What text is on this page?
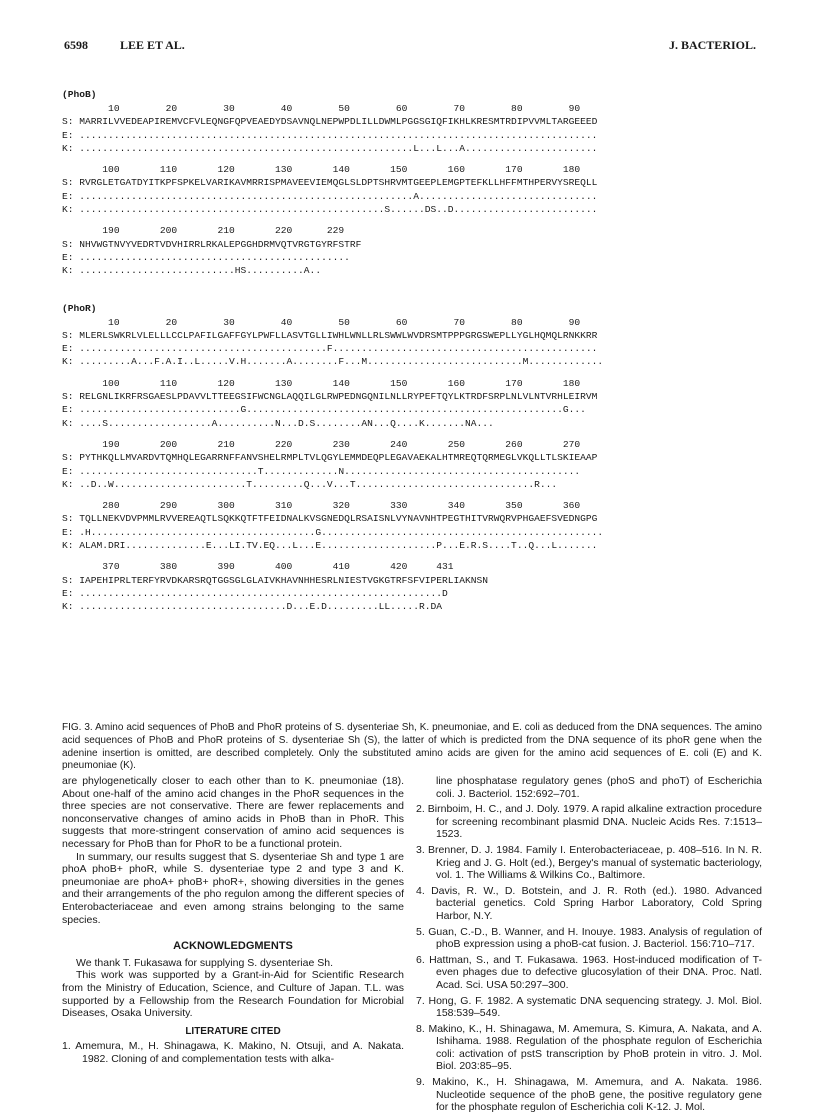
6598	LEE ET AL.	J. BACTERIOL.
(PhoB)
10        20        30        40        50        60        70        80        90
S: MARRILVVEDEAPIREMVCFVLEQNGFQPVEAEDYDSAVNQLNEPWPDLILLDWMLPGGSGIQFIKHLKRESMTRDIPVVMLTARGEEED
E: ..........................................................................................
K: ..........................................................L...L...A.......................
100       110       120       130       140       150       160       170       180
S: RVRGLETGATDYITKPFSPKELVARIKAVMRRISPMAVEEVIEMQGLSLDPTSHRVMTGEEPLEMGPTEFKLLHFFMTHPERVYSREQLL
E: ..........................................................A...............................
K: .....................................................S......DS..D.........................
190       200       210       220      229
S: NHVWGTNVYVEDRTVDVHIRRLRKALEPGGHDRMVQTVRGTGYRFSTRF
E: ...............................................
K: ...........................HS..........A..
(PhoR)
10        20        30        40        50        60        70        80        90
S: MLERLSWKRLVLELLLCCLPAFILGAFFGYLPWFLLASVTGLLIWHLWNLLRLSWWLWVDRSMTPPPGRGSWEPLLYGLHQMQLRNKKRR
E: ...........................................F..............................................
K: .........A...F.A.I..L.....V.H.......A........F...M...........................M.............
100       110       120       130       140       150       160       170       180
S: RELGNLIKRFRSGAESLPDAVVLTTEEGSIFWCNGLAQQILGLRWPEDNGQNILNLLRYPEFTQYLKTRDFSRPLNLVLNTVRHLEIRVM
E: ............................G.......................................................G...
K: ....S..................A..........N...D.S........AN...Q....K.......NA...
190       200       210       220       230       240       250       260       270
S: PYTHKQLLMVARDVTQMHQLEGARRNFFANVSHELRMPLTVLQGYLEMMDEQPLEGAVAEKALHTMREQTQRMEGLVKQLLTLSKIEAAP
E: ...............................T.............N.........................................
K: ..D..W.......................T.........Q...V...T...............................R...
280       290       300       310       320       330       340       350       360
S: TQLLNEKVDVPMMLRVVEREAQTLSQKKQTFTFEIDNALKVSGNEDQLRSAISNLVYNAVNHTPEGTHITVRWQRVPHGAEFSVEDNGPG
E: .H.......................................G.................................................
K: ALAM.DRI..............E...LI.TV.EQ...L...E....................P...E.R.S....T..Q...L.......
370       380       390       400       410       420     431
S: IAPEHIPRLTERFYRVDKARSRQTGGSGLGLAIVKHAVNHHESRLNIESTVGKGTRFSFVIPERLIAKNSN
E: ...............................................................D
K: ....................................D...E.D.........LL.....R.DA
FIG. 3. Amino acid sequences of PhoB and PhoR proteins of S. dysenteriae Sh, K. pneumoniae, and E. coli as deduced from the DNA sequences. The amino acid sequences of PhoB and PhoR proteins of S. dysenteriae Sh (S), the latter of which is predicted from the DNA sequence of its phoR gene when the adenine insertion is omitted, are described completely. Only the substituted amino acids are given for the amino acid sequences of E. coli (E) and K. pneumoniae (K).

are phylogenetically closer to each other than to K. pneumoniae (18). About one-half of the amino acid changes in the PhoR sequences in the three species are not conservative. There are fewer replacements and nonconservative changes of amino acids in PhoB than in PhoR. This suggests that more-stringent conservation of amino acid sequences is necessary for PhoB than for PhoR to be a functional protein.

In summary, our results suggest that S. dysenteriae Sh and type 1 are phoA phoB+ phoR, while S. dysenteriae type 2 and type 3 and K. pneumoniae are phoA+ phoB+ phoR+, showing diversities in the genes and their arrangements of the pho regulon among the different species of Enterobacteriaceae and even among strains belonging to the same species.

ACKNOWLEDGMENTS

We thank T. Fukasawa for supplying S. dysenteriae Sh.

This work was supported by a Grant-in-Aid for Scientific Research from the Ministry of Education, Science, and Culture of Japan. T.L. was supported by a Fellowship from the Research Foundation for Microbial Diseases, Osaka University.

LITERATURE CITED
1. Amemura, M., H. Shinagawa, K. Makino, N. Otsuji, and A. Nakata. 1982. Cloning of and complementation tests with alka-
line phosphatase regulatory genes (phoS and phoT) of Escherichia coli. J. Bacteriol. 152:692–701.
2. Birnboim, H. C., and J. Doly. 1979. A rapid alkaline extraction procedure for screening recombinant plasmid DNA. Nucleic Acids Res. 7:1513–1523.
3. Brenner, D. J. 1984. Family I. Enterobacteriaceae, p. 408–516. In N. R. Krieg and J. G. Holt (ed.), Bergey's manual of systematic bacteriology, vol. 1. The Williams & Wilkins Co., Baltimore.
4. Davis, R. W., D. Botstein, and J. R. Roth (ed.). 1980. Advanced bacterial genetics. Cold Spring Harbor Laboratory, Cold Spring Harbor, N.Y.
5. Guan, C.-D., B. Wanner, and H. Inouye. 1983. Analysis of regulation of phoB expression using a phoB-cat fusion. J. Bacteriol. 156:710–717.
6. Hattman, S., and T. Fukasawa. 1963. Host-induced modification of T-even phages due to defective glucosylation of their DNA. Proc. Natl. Acad. Sci. USA 50:297–300.
7. Hong, G. F. 1982. A systematic DNA sequencing strategy. J. Mol. Biol. 158:539–549.
8. Makino, K., H. Shinagawa, M. Amemura, S. Kimura, A. Nakata, and A. Ishihama. 1988. Regulation of the phosphate regulon of Escherichia coli: activation of pstS transcription by PhoB protein in vitro. J. Mol. Biol. 203:85–95.
9. Makino, K., H. Shinagawa, M. Amemura, and A. Nakata. 1986. Nucleotide sequence of the phoB gene, the positive regulatory gene for the phosphate regulon of Escherichia coli K-12. J. Mol.
